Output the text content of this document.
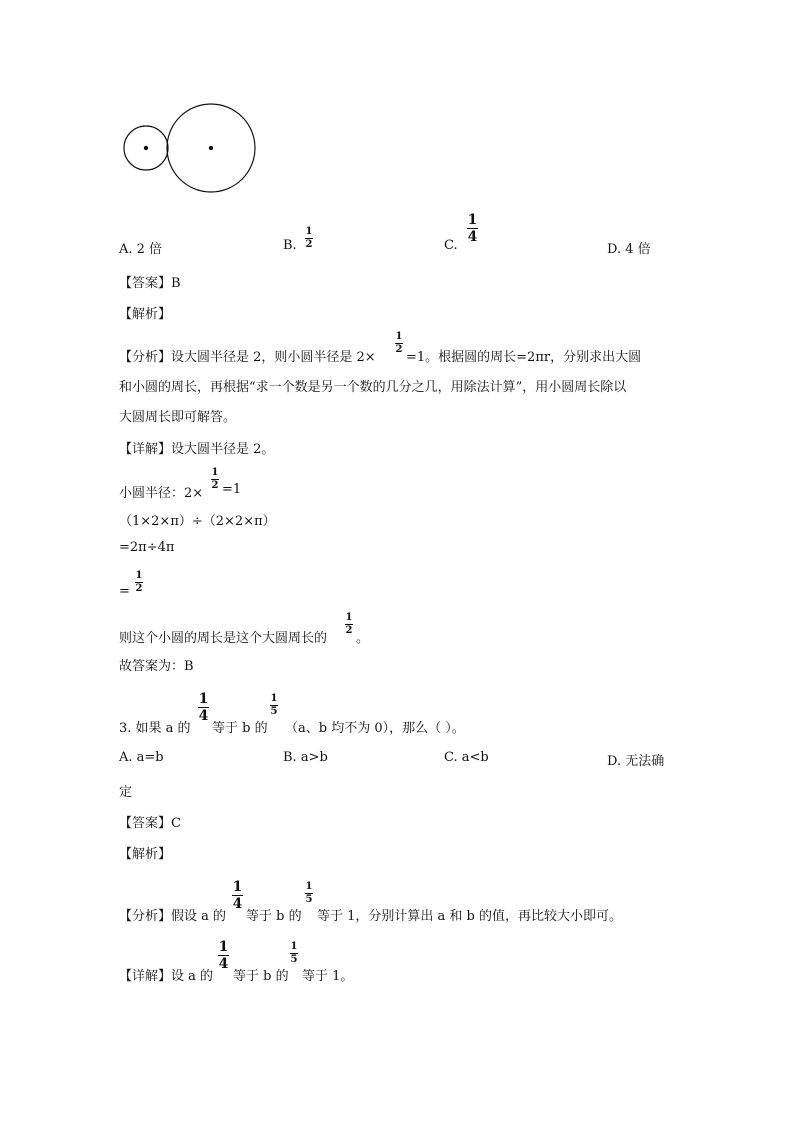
A. 2 倍	B.
1
2	C.
1
4
D. 4 倍
【答案】B
【解析】
【分析】设大圆半径是 2，则小圆半径是 2×
1
2
=1。根据圆的周长=2πr，分别求出大圆
和小圆的周长，再根据“求一个数是另一个数的几分之几，用除法计算”，用小圆周长除以
大圆周长即可解答。
【详解】设大圆半径是 2。
小圆半径：2×
1
2 =1
（1×2×π）÷（2×2×π）
=2π÷4π
=
1
2
则这个小圆的周长是这个大圆周长的
1
2
。
故答案为：B
3. 如果 a 的
1
4
等于 b 的
1
5
（a、b 均不为 0），那么（ ）。
A. a=b	B. a>b	C. a<b	D. 无法确
定
【答案】C
【解析】
【分析】假设 a 的
1
4
等于 b 的
1
5
等于 1，分别计算出 a 和 b 的值，再比较大小即可。
【详解】设 a 的
1
4
等于 b 的
1
5
等于 1。
